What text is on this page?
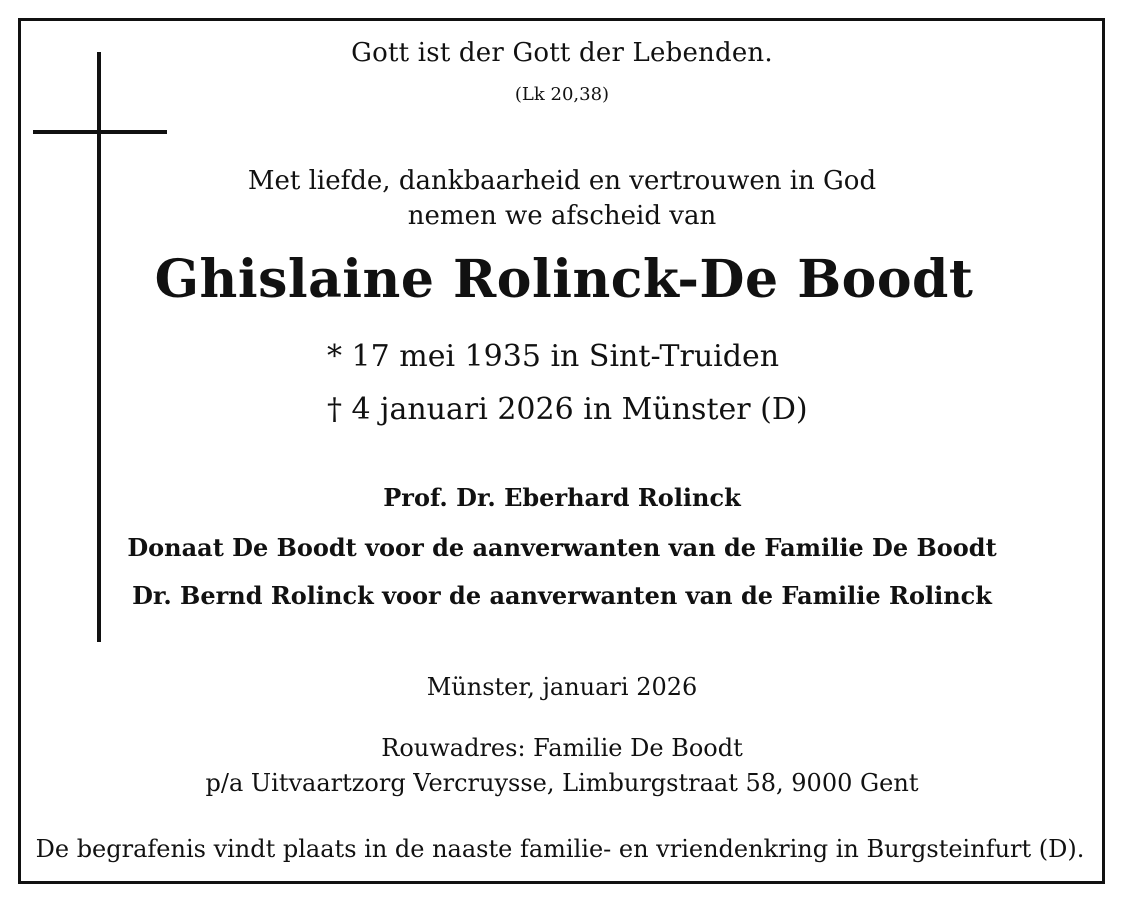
Gott ist der Gott der Lebenden.
(Lk 20,38)
Met liefde, dankbaarheid en vertrouwen in God
nemen we afscheid van
Ghislaine Rolinck-De Boodt
* 17 mei 1935 in Sint-Truiden
† 4 januari 2026 in Münster (D)
Prof. Dr. Eberhard Rolinck
Donaat De Boodt voor de aanverwanten van de Familie De Boodt
Dr. Bernd Rolinck voor de aanverwanten van de Familie Rolinck
Münster, januari 2026
Rouwadres: Familie De Boodt
p/a Uitvaartzorg Vercruysse, Limburgstraat 58, 9000 Gent
De begrafenis vindt plaats in de naaste familie- en vriendenkring in Burgsteinfurt (D).
